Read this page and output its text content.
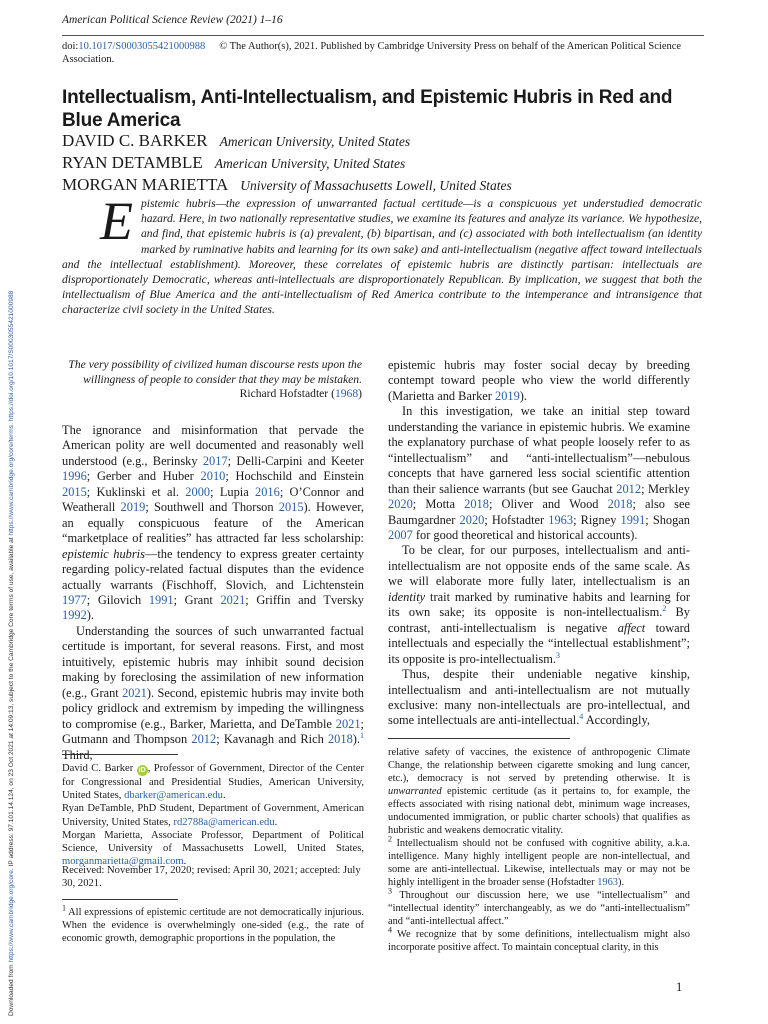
American Political Science Review (2021) 1–16
doi:10.1017/S0003055421000988 © The Author(s), 2021. Published by Cambridge University Press on behalf of the American Political Science Association.
Intellectualism, Anti-Intellectualism, and Epistemic Hubris in Red and Blue America
DAVID C. BARKER American University, United States
RYAN DETAMBLE American University, United States
MORGAN MARIETTA University of Massachusetts Lowell, United States

Epistemic hubris—the expression of unwarranted factual certitude—is a conspicuous yet understudied democratic hazard. Here, in two nationally representative studies, we examine its features and analyze its variance. We hypothesize, and find, that epistemic hubris is (a) prevalent, (b) bipartisan, and (c) associated with both intellectualism (an identity marked by ruminative habits and learning for its own sake) and anti-intellectualism (negative affect toward intellectuals and the intellectual establishment). Moreover, these correlates of epistemic hubris are distinctly partisan: intellectuals are disproportionately Democratic, whereas anti-intellectuals are disproportionately Republican. By implication, we suggest that both the intellectualism of Blue America and the anti-intellectualism of Red America contribute to the intemperance and intransigence that characterize civil society in the United States.

The very possibility of civilized human discourse rests upon the willingness of people to consider that they may be mistaken.
Richard Hofstadter (1968)

The ignorance and misinformation that pervade the American polity are well documented and reasonably well understood (e.g., Berinsky 2017; Delli-Carpini and Keeter 1996; Gerber and Huber 2010; Hochschild and Einstein 2015; Kuklinski et al. 2000; Lupia 2016; O’Connor and Weatherall 2019; Southwell and Thorson 2015). However, an equally conspicuous feature of the American “marketplace of realities” has attracted far less scholarship: epistemic hubris—the tendency to express greater certainty regarding policy-related factual disputes than the evidence actually warrants (Fischhoff, Slovich, and Lichtenstein 1977; Gilovich 1991; Grant 2021; Griffin and Tversky 1992).

Understanding the sources of such unwarranted factual certitude is important, for several reasons. First, and most intuitively, epistemic hubris may inhibit sound decision making by foreclosing the assimilation of new information (e.g., Grant 2021). Second, epistemic hubris may invite both policy gridlock and extremism by impeding the willingness to compromise (e.g., Barker, Marietta, and DeTamble 2021; Gutmann and Thompson 2012; Kavanagh and Rich 2018).$^1$ Third,

epistemic hubris may foster social decay by breeding contempt toward people who view the world differently (Marietta and Barker 2019).

In this investigation, we take an initial step toward understanding the variance in epistemic hubris. We examine the explanatory purchase of what people loosely refer to as “intellectualism” and “anti-intellectualism”—nebulous concepts that have garnered less social scientific attention than their salience warrants (but see Gauchat 2012; Merkley 2020; Motta 2018; Oliver and Wood 2018; also see Baumgardner 2020; Hofstadter 1963; Rigney 1991; Shogan 2007 for good theoretical and historical accounts).

To be clear, for our purposes, intellectualism and anti-intellectualism are not opposite ends of the same scale. As we will elaborate more fully later, intellectualism is an identity trait marked by ruminative habits and learning for its own sake; its opposite is non-intellectualism.$^2$ By contrast, anti-intellectualism is negative affect toward intellectuals and especially the “intellectual establishment”; its opposite is pro-intellectualism.$^3$

Thus, despite their undeniable negative kinship, intellectualism and anti-intellectualism are not mutually exclusive: many non-intellectuals are pro-intellectual, and some intellectuals are anti-intellectual.$^4$ Accordingly,

David C. Barker iD , Professor of Government, Director of the Center for Congressional and Presidential Studies, American University, United States, dbarker@american.edu.

Ryan DeTamble, PhD Student, Department of Government, American University, United States, rd2788a@american.edu.

Morgan Marietta, Associate Professor, Department of Political Science, University of Massachusetts Lowell, United States, morganmarietta@gmail.com.

Received: November 17, 2020; revised: April 30, 2021; accepted: July 30, 2021.

$^1$ All expressions of epistemic certitude are not democratically injurious. When the evidence is overwhelmingly one-sided (e.g., the rate of economic growth, demographic proportions in the population, the

relative safety of vaccines, the existence of anthropogenic Climate Change, the relationship between cigarette smoking and lung cancer, etc.), democracy is not served by pretending otherwise. It is unwarranted epistemic certitude (as it pertains to, for example, the effects associated with rising national debt, minimum wage increases, undocumented immigration, or public charter schools) that qualifies as hubristic and weakens democratic vitality.

$^2$ Intellectualism should not be confused with cognitive ability, a.k.a. intelligence. Many highly intelligent people are non-intellectual, and some are anti-intellectual. Likewise, intellectuals may or may not be highly intelligent in the broader sense (Hofstadter 1963).

$^3$ Throughout our discussion here, we use “intellectualism” and “intellectual identity” interchangeably, as we do “anti-intellectualism” and “anti-intellectual affect.”

$^4$ We recognize that by some definitions, intellectualism might also incorporate positive affect. To maintain conceptual clarity, in this

1
Downloaded from https://www.cambridge.org/core. IP address: 97.101.14.124, on 23 Oct 2021 at 14:09:13, subject to the Cambridge Core terms of use, available at https://www.cambridge.org/core/terms. https://doi.org/10.1017/S0003055421000988
